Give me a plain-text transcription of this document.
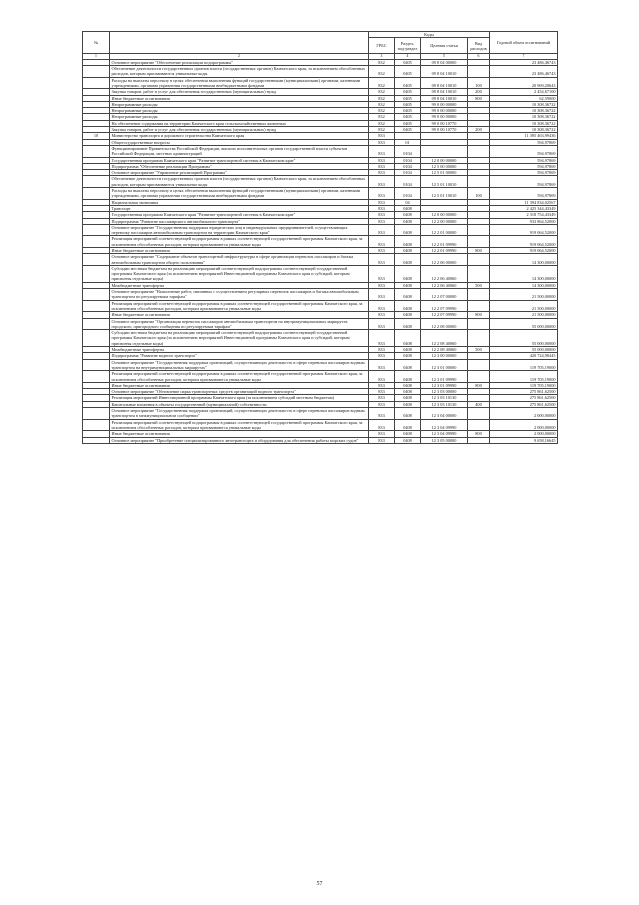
№		Коды				Годовой объем ассигнований
		ГРБС	Раздел, под-раздел	Целевая статья	Вид расходов	
1	2	3	4	5	6	7
	Основное мероприятие "Обеспечение реализации подпрограммы"	832	0405	09 8 04 00000		23 486,46743
	Обеспечение деятельности государственных органов власти (государственных органов) Камчатского края, за исключением обособленных расходов, которым присваиваются уникальные коды	832	0405	09 8 04 10010		23 486,46743
	Расходы на выплаты персоналу в целях обеспечения выполнения функций государственными (муниципальными) органами, казенными учреждениями, органами управления государственными внебюджетными фондами	832	0405	09 8 04 10010	100	20 969,20643
	Закупка товаров, работ и услуг для обеспечения государственных (муниципальных) нужд	832	0405	09 8 04 10010	200	2 454,67100
	Иные бюджетные ассигнования	832	0405	09 8 04 10010	800	62,59000
	Непрограммные расходы	832	0405	99 0 00 00000		10 308,36722
	Непрограммные расходы	832	0405	99 0 00 00000		10 308,36722
	Непрограммные расходы	832	0405	99 0 00 00000		10 308,36722
	На обеспечение содержания на территории Камчатского края сельскохозяйственных животных	832	0405	99 0 00 10770		10 308,36722
	Закупка товаров, работ и услуг для обеспечения государственных (муниципальных) нужд	832	0405	99 0 00 10770	200	10 308,36722
10	Министерство транспорта и дорожного строительства Камчатского края	833				11 395 463,99436
	Общегосударственные вопросы	833	01			594,97869
	Функционирование Правительства Российской Федерации, высших исполнительных органов государственной власти субъектов Российской Федерации, местных администраций	833	0104			594,97869
	Государственная программа Камчатского края "Развитие транспортной системы в Камчатском крае"	833	0104	12 0 00 00000		594,97869
	Подпрограмма "Обеспечение реализации Программы"	833	0104	12 5 00 00000		594,97869
	Основное мероприятие "Управление реализацией Программы"	833	0104	12 5 01 00000		594,97869
	Обеспечение деятельности государственных органов власти (государственных органов) Камчатского края, за исключением обособленных расходов, которым присваиваются уникальные коды	833	0104	12 5 01 10010		594,97869
	Расходы на выплаты персоналу в целях обеспечения выполнения функций государственными (муниципальными) органами, казенными учреждениями, органами управления государственными внебюджетными фондами	833	0104	12 5 01 10010	100	594,97869
	Национальная экономика	833	04			11 394 834,02567
	Транспорт	833	0408			2 425 344,43349
	Государственная программа Камчатского края "Развитие транспортной системы в Камчатском крае"	833	0408	12 0 00 00000		2 318 754,43349
	Подпрограмма "Развитие пассажирского автомобильного транспорта"	833	0408	12 2 00 00000		933 864,52000
	Основное мероприятие "Государственная поддержка юридических лиц и индивидуальных предпринимателей, осуществляющих перевозку пассажиров автомобильным транспортом на территории Камчатского края"	833	0408	12 2 01 00000		919 064,52000
	Реализация мероприятий соответствующей подпрограммы в рамках соответствующей государственной программы Камчатского края, за исключением обособленных расходов, которым присваиваются уникальные коды	833	0408	12 2 01 09990		919 064,52000
	Иные бюджетные ассигнования	833	0408	12 2 01 09990	800	919 064,52000
	Основное мероприятие "Содержание объектов транспортной инфраструктуры в сфере организации перевозок пассажиров и багажа автомобильным транспортом общего пользования"	833	0408	12 2 06 00000		14 300,00000
	Субсидии местным бюджетам на реализацию мероприятий соответствующей подпрограммы соответствующей государственной программы Камчатского края (за исключением мероприятий Инвестиционной программы Камчатского края и субсидий, которым присвоены отдельные коды)	833	0408	12 2 06 40060		14 300,00000
	Межбюджетные трансферты	833	0408	12 2 06 40060	500	14 300,00000
	Основное мероприятие "Выполнение работ, связанных с осуществлением регулярных перевозок пассажиров и багажа автомобильным транспортом по регулируемым тарифам"	833	0408	12 2 07 00000		21 500,00000
	Реализация мероприятий соответствующей подпрограммы в рамках соответствующей государственной программы Камчатского края, за исключением обособленных расходов, которым присваиваются уникальные коды	833	0408	12 2 07 09990		21 500,00000
	Иные бюджетные ассигнования	833	0408	12 2 07 09990	800	21 500,00000
	Основное мероприятие "Организация перевозок пассажиров автомобильным транспортом на внутримуниципальных маршрутах городского, пригородного сообщения по регулируемым тарифам"	833	0408	12 2 08 00000		55 000,00000
	Субсидии местным бюджетам на реализацию мероприятий соответствующей подпрограммы соответствующей государственной программы Камчатского края (за исключением мероприятий Инвестиционной программы Камчатского края и субсидий, которым присвоены отдельные коды)	833	0408	12 2 08 40060		55 000,00000
	Межбюджетные трансферты	833	0408	12 2 08 40060	500	55 000,00000
	Подпрограмма "Развитие водного транспорта"	833	0408	12 3 00 00000		420 724,98445
	Основное мероприятие "Государственная поддержка организаций, осуществляющих деятельность в сфере перевозки пассажиров водным транспортом на внутримуниципальных маршрутах"	833	0408	12 3 01 00000		119 705,19000
	Реализация мероприятий соответствующей подпрограммы в рамках соответствующей государственной программы Камчатского края, за исключением обособленных расходов, которым присваиваются уникальные коды	833	0408	12 3 01 09990		119 705,19000
	Иные бюджетные ассигнования	833	0408	12 3 01 09990	800	119 705,19000
	Основное мероприятие "Обновление парка транспортных средств организаций водного транспорта"	833	0408	12 3 03 00000		275 861,62500
	Реализация мероприятий Инвестиционной программы Камчатского края (за исключением субсидий местным бюджетам)	833	0408	12 3 03 10130		275 861,62500
	Капитальные вложения в объекты государственной (муниципальной) собственности	833	0408	12 3 03 10130	400	275 861,62500
	Основное мероприятие "Государственная поддержка организаций, осуществляющих деятельность в сфере перевозки пассажиров водным транспортом в межмуниципальном сообщении"	833	0408	12 3 04 00000		2 000,00000
	Реализация мероприятий соответствующей подпрограммы в рамках соответствующей государственной программы Камчатского края, за исключением обособленных расходов, которым присваиваются уникальные коды	833	0408	12 3 04 09990		2 000,00000
	Иные бюджетные ассигнования	833	0408	12 3 04 09990	800	2 000,00000
	Основное мероприятие "Приобретение специализированного автотранспорта и оборудования для обеспечения работы морских судов"	833	0408	12 3 05 00000		9 658,16645
57
